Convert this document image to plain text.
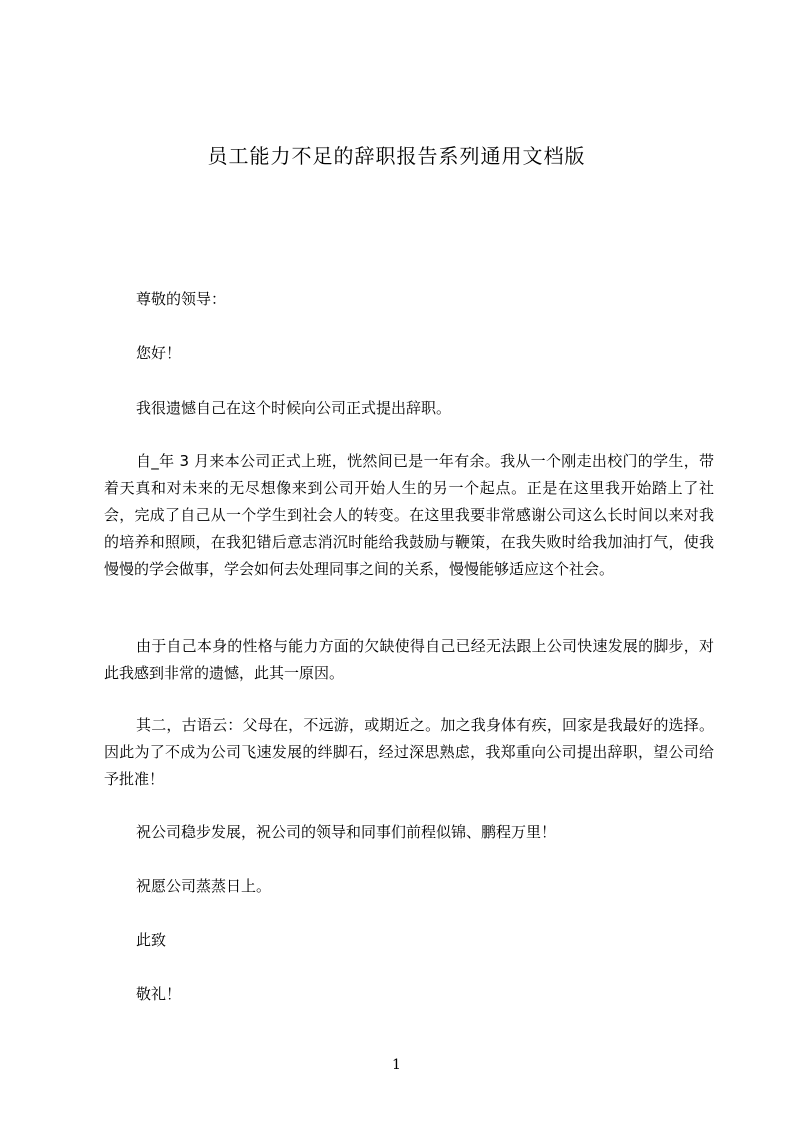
员工能力不足的辞职报告系列通用文档版

尊敬的领导：

您好！

我很遗憾自己在这个时候向公司正式提出辞职。

自_年 3 月来本公司正式上班，恍然间已是一年有余。我从一个刚走出校门的学生，带着天真和对未来的无尽想像来到公司开始人生的另一个起点。正是在这里我开始踏上了社会，完成了自己从一个学生到社会人的转变。在这里我要非常感谢公司这么长时间以来对我的培养和照顾，在我犯错后意志消沉时能给我鼓励与鞭策，在我失败时给我加油打气，使我慢慢的学会做事，学会如何去处理同事之间的关系，慢慢能够适应这个社会。

由于自己本身的性格与能力方面的欠缺使得自己已经无法跟上公司快速发展的脚步，对此我感到非常的遗憾，此其一原因。

其二，古语云：父母在，不远游，或期近之。加之我身体有疾，回家是我最好的选择。因此为了不成为公司飞速发展的绊脚石，经过深思熟虑，我郑重向公司提出辞职，望公司给予批准！

祝公司稳步发展，祝公司的领导和同事们前程似锦、鹏程万里！

祝愿公司蒸蒸日上。

此致

敬礼！

1
